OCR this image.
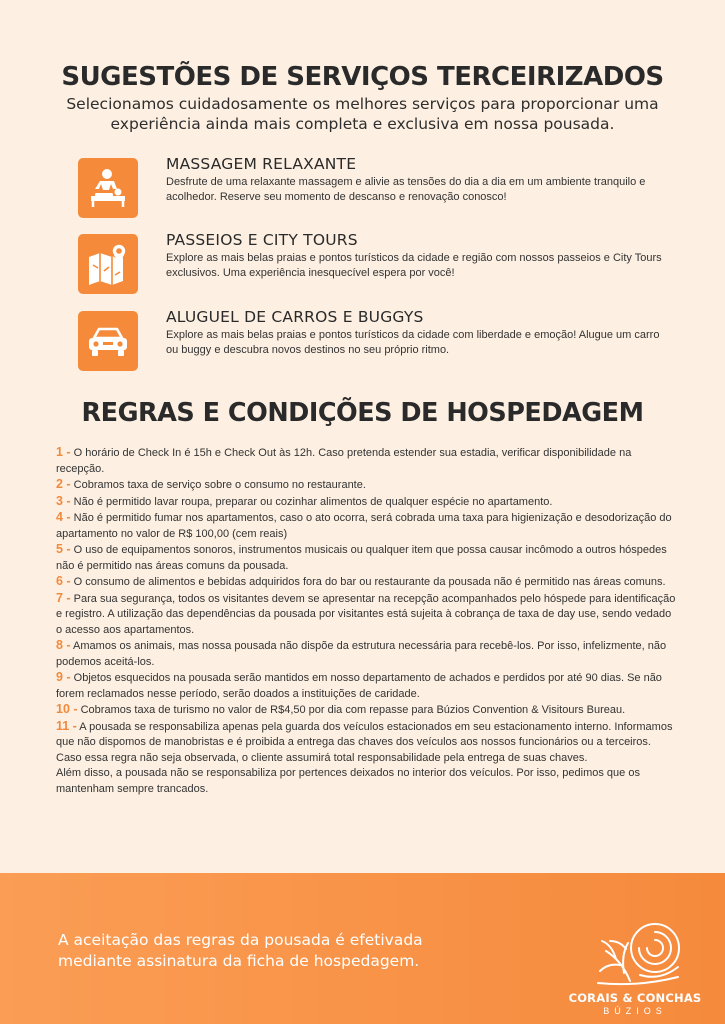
SUGESTÕES DE SERVIÇOS TERCEIRIZADOS
Selecionamos cuidadosamente os melhores serviços para proporcionar uma experiência ainda mais completa e exclusiva em nossa pousada.
MASSAGEM RELAXANTE
Desfrute de uma relaxante massagem e alivie as tensões do dia a dia em um ambiente tranquilo e acolhedor. Reserve seu momento de descanso e renovação conosco!
PASSEIOS E CITY TOURS
Explore as mais belas praias e pontos turísticos da cidade e região com nossos passeios e City Tours exclusivos. Uma experiência inesquecível espera por você!
ALUGUEL DE CARROS E BUGGYS
Explore as mais belas praias e pontos turísticos da cidade com liberdade e emoção! Alugue um carro ou buggy e descubra novos destinos no seu próprio ritmo.
REGRAS E CONDIÇÕES DE HOSPEDAGEM

1 - O horário de Check In é 15h e Check Out às 12h. Caso pretenda estender sua estadia, verificar disponibilidade na recepção.

2 - Cobramos taxa de serviço sobre o consumo no restaurante.

3 - Não é permitido lavar roupa, preparar ou cozinhar alimentos de qualquer espécie no apartamento.

4 - Não é permitido fumar nos apartamentos, caso o ato ocorra, será cobrada uma taxa para higienização e desodorização do apartamento no valor de R$ 100,00 (cem reais)

5 - O uso de equipamentos sonoros, instrumentos musicais ou qualquer item que possa causar incômodo a outros hóspedes não é permitido nas áreas comuns da pousada.

6 - O consumo de alimentos e bebidas adquiridos fora do bar ou restaurante da pousada não é permitido nas áreas comuns.

7 - Para sua segurança, todos os visitantes devem se apresentar na recepção acompanhados pelo hóspede para identificação e registro. A utilização das dependências da pousada por visitantes está sujeita à cobrança de taxa de day use, sendo vedado o acesso aos apartamentos.

8 - Amamos os animais, mas nossa pousada não dispõe da estrutura necessária para recebê-los. Por isso, infelizmente, não podemos aceitá-los.

9 - Objetos esquecidos na pousada serão mantidos em nosso departamento de achados e perdidos por até 90 dias. Se não forem reclamados nesse período, serão doados a instituições de caridade.

10 - Cobramos taxa de turismo no valor de R$4,50 por dia com repasse para Búzios Convention & Visitours Bureau.

11 - A pousada se responsabiliza apenas pela guarda dos veículos estacionados em seu estacionamento interno. Informamos que não dispomos de manobristas e é proibida a entrega das chaves dos veículos aos nossos funcionários ou a terceiros. Caso essa regra não seja observada, o cliente assumirá total responsabilidade pela entrega de suas chaves.

Além disso, a pousada não se responsabiliza por pertences deixados no interior dos veículos. Por isso, pedimos que os mantenham sempre trancados.

A aceitação das regras da pousada é efetivada mediante assinatura da ficha de hospedagem.
CORAIS & CONCHAS
BÚZIOS
